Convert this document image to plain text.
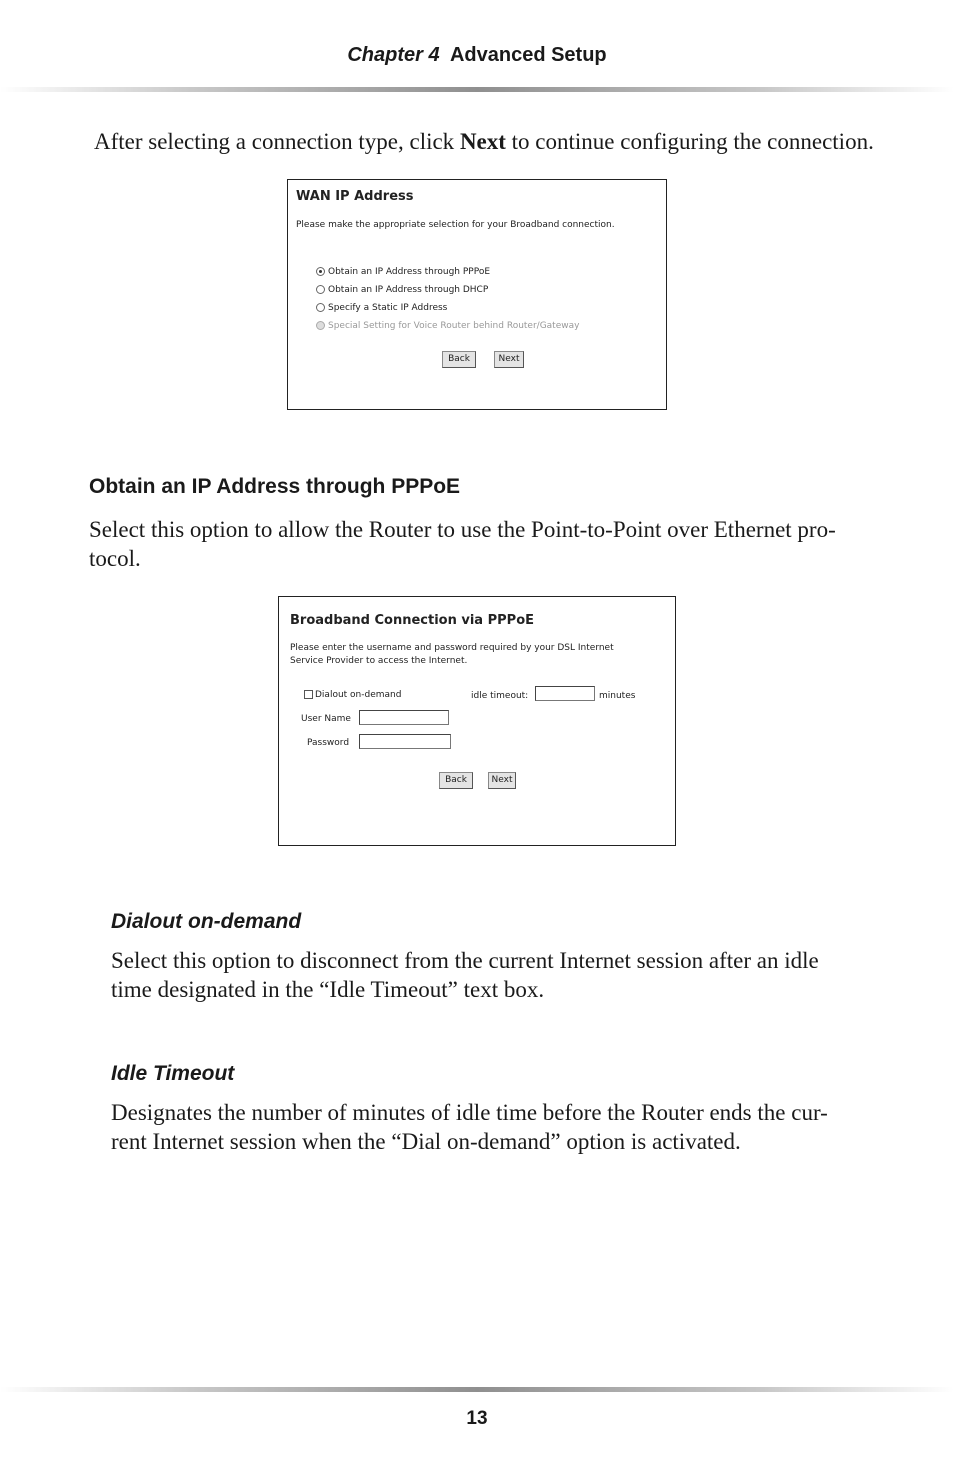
Chapter 4 Advanced Setup
After selecting a connection type, click Next to continue configuring the connection.
WAN IP Address
Please make the appropriate selection for your Broadband connection.
Obtain an IP Address through PPPoE
Obtain an IP Address through DHCP
Specify a Static IP Address
Special Setting for Voice Router behind Router/Gateway
Back	Next
Obtain an IP Address through PPPoE
Select this option to allow the Router to use the Point-to-Point over Ethernet pro-
tocol.
Broadband Connection via PPPoE
Please enter the username and password required by your DSL Internet
Service Provider to access the Internet.
Dialout on-demand	idle timeout:	minutes
User Name
Password
Back	Next
Dialout on-demand
Select this option to disconnect from the current Internet session after an idle
time designated in the “Idle Timeout” text box.
Idle Timeout
Designates the number of minutes of idle time before the Router ends the cur-
rent Internet session when the “Dial on-demand” option is activated.
13
